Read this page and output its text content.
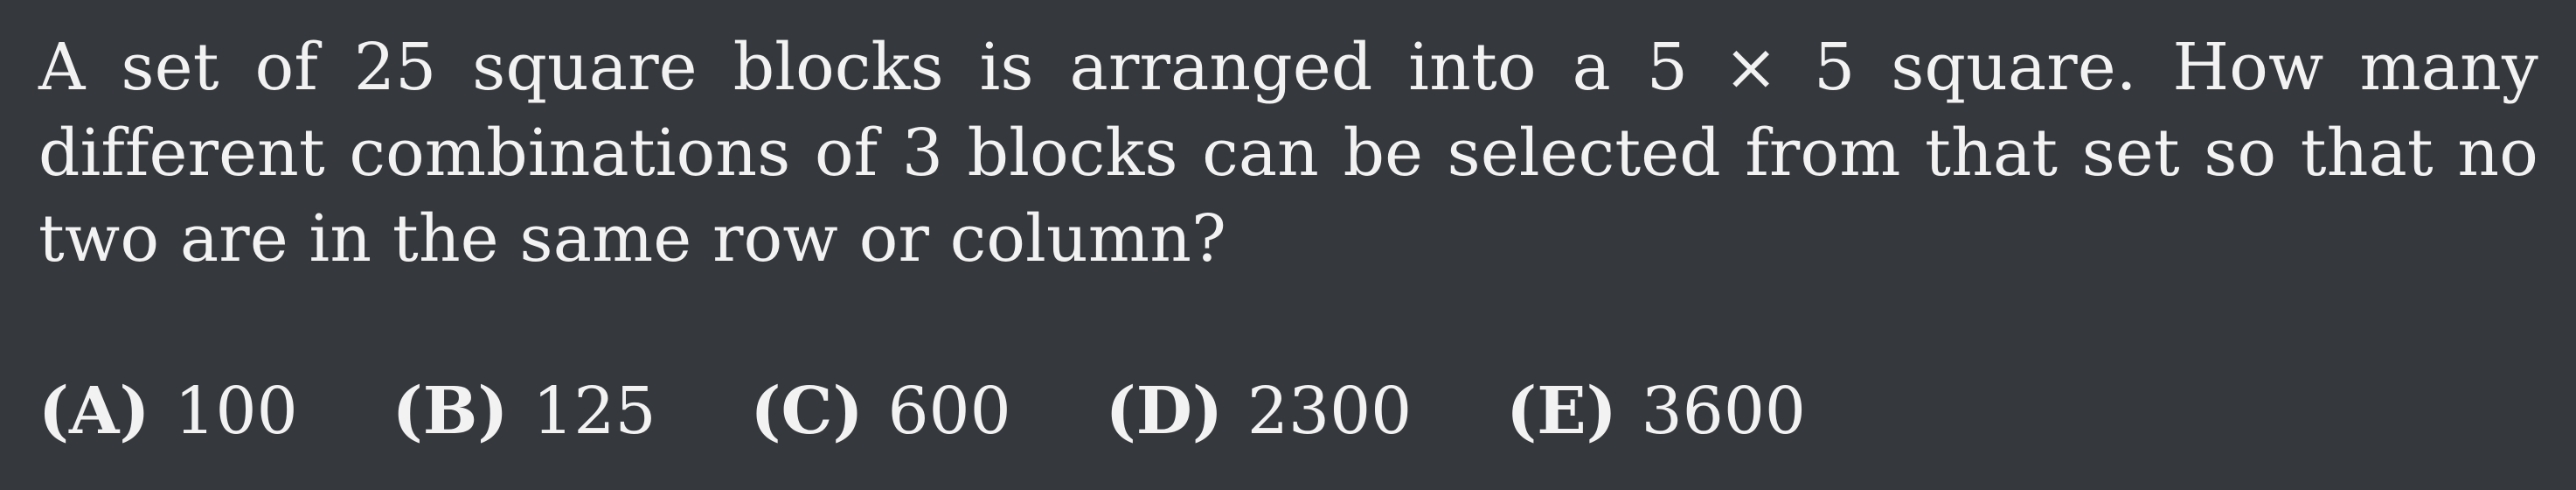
A set of 25 square blocks is arranged into a 5 × 5 square. How many different combinations of 3 blocks can be selected from that set so that no two are in the same row or column?
(A) 100 (B) 125 (C) 600 (D) 2300 (E) 3600
